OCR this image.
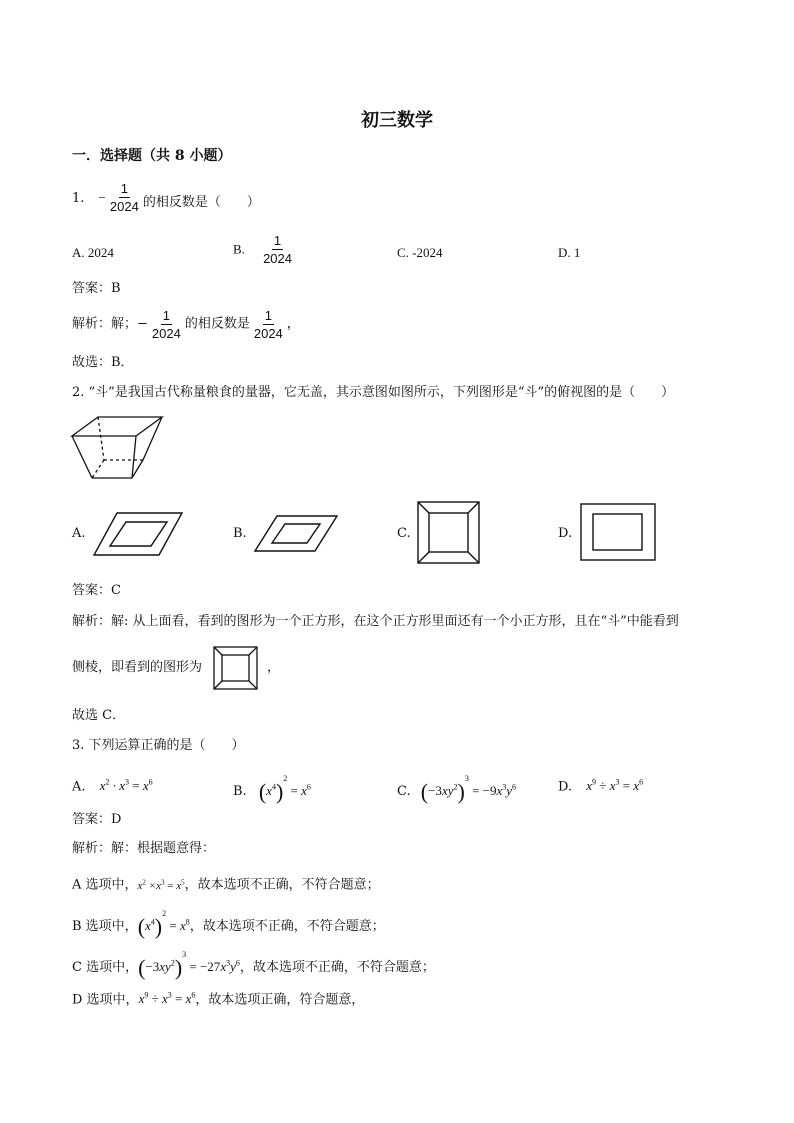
初三数学
一．选择题（共 8 小题）
1. − $\frac{1}{2024}$ 的相反数是（　　）
A. 2024	B. $\frac{1}{2024}$	C. -2024	D. 1
答案：B
解析：解；− $\frac{1}{2024}$ 的相反数是 $\frac{1}{2024}$ ，
故选：B．
2. “斗”是我国古代称量粮食的量器，它无盖，其示意图如图所示，下列图形是“斗”的俯视图的是（　　）
A.	B.	C.	D.
答案：C
解析：解: 从上面看，看到的图形为一个正方形，在这个正方形里面还有一个小正方形，且在“斗”中能看到
侧棱，即看到的图形为	，
故选 C．
3. 下列运算正确的是（　　）
A. $x^2 \cdot x^3 = x^6$
B. $(x^4)^2 = x^6$	C. $(-3xy^2)^3 = -9x^3y^6$	D. $x^9 \div x^3 = x^6$
答案：D
解析：解：根据题意得：
A 选项中，$x^2 \times x^3 = x^5$，故本选项不正确，不符合题意；
B 选项中，$(x^4)^2 = x^8$，故本选项不正确，不符合题意；
C 选项中，$(-3xy^2)^3 = -27x^3y^6$，故本选项不正确，不符合题意；
D 选项中，$x^9 \div x^3 = x^6$，故本选项正确，符合题意，
